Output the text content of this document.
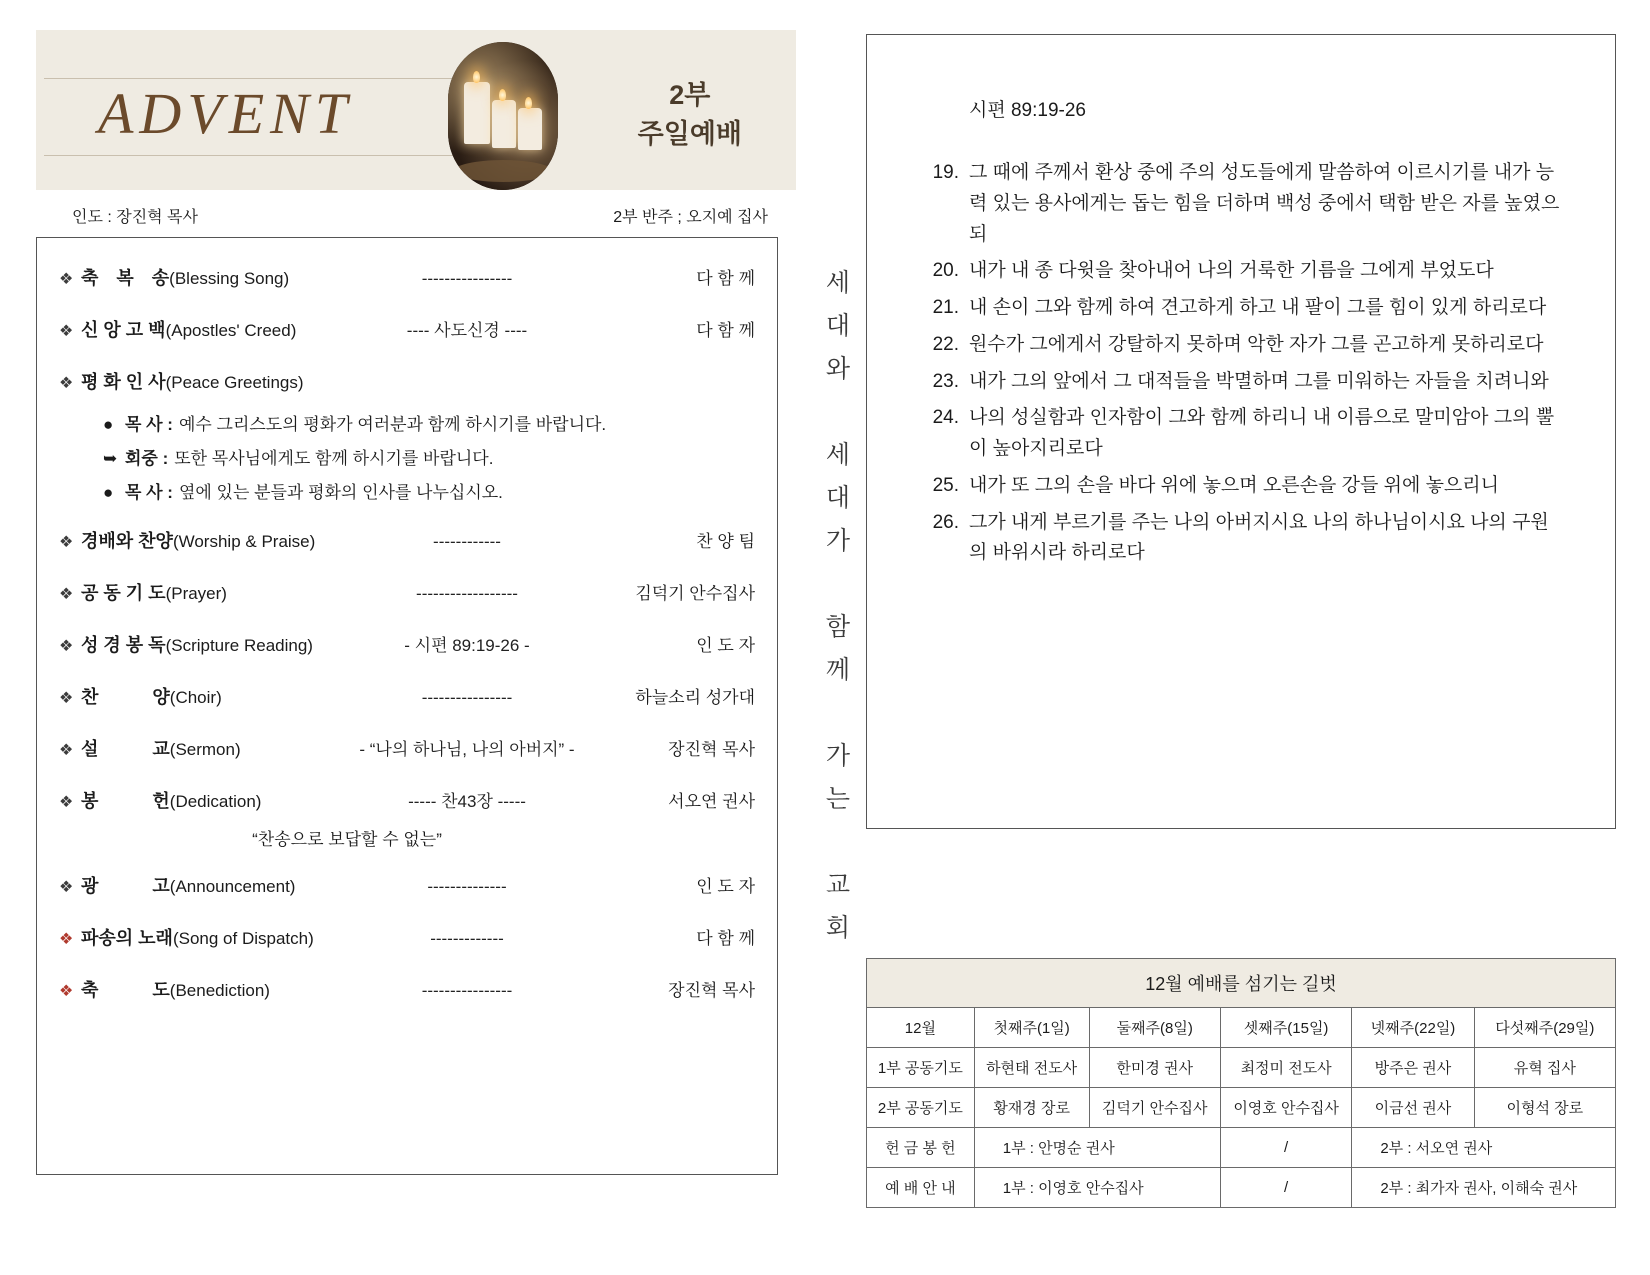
ADVENT	2부
주일예배
인도 : 장진혁 목사	2부 반주 ; 오지예 집사
❖ 축　복　송(Blessing Song)	----------------	다 함 께
❖ 신 앙 고 백(Apostles' Creed)	---- 사도신경 ----	다 함 께
❖ 평 화 인 사(Peace Greetings)
● 목 사 : 예수 그리스도의 평화가 여러분과 함께 하시기를 바랍니다.
➥ 회중 : 또한 목사님에게도 함께 하시기를 바랍니다.
● 목 사 : 옆에 있는 분들과 평화의 인사를 나누십시오.
❖ 경배와 찬양(Worship & Praise)	------------	찬 양 팀
❖ 공 동 기 도(Prayer)	------------------	김덕기 안수집사
❖ 성 경 봉 독(Scripture Reading)	- 시편 89:19-26 -	인 도 자
❖ 찬　　　양(Choir)	----------------	하늘소리 성가대
❖ 설　　　교(Sermon)	- “나의 하나님, 나의 아버지” -	장진혁 목사
❖ 봉　　　헌(Dedication)	----- 찬43장 -----	서오연 권사
“찬송으로 보답할 수 없는”
❖ 광　　　고(Announcement)	--------------	인 도 자
❖ 파송의 노래(Song of Dispatch)	-------------	다 함 께
❖ 축　　　도(Benediction)	----------------	장진혁 목사
세
대
와

세
대
가

함
께

가
는

교
회
시편 89:19-26
19. 그 때에 주께서 환상 중에 주의 성도들에게 말씀하여 이르시기를 내가 능력 있는 용사에게는 돕는 힘을 더하며 백성 중에서 택함 받은 자를 높였으되
20. 내가 내 종 다윗을 찾아내어 나의 거룩한 기름을 그에게 부었도다
21. 내 손이 그와 함께 하여 견고하게 하고 내 팔이 그를 힘이 있게 하리로다
22. 원수가 그에게서 강탈하지 못하며 악한 자가 그를 곤고하게 못하리로다
23. 내가 그의 앞에서 그 대적들을 박멸하며 그를 미워하는 자들을 치려니와
24. 나의 성실함과 인자함이 그와 함께 하리니 내 이름으로 말미암아 그의 뿔이 높아지리로다
25. 내가 또 그의 손을 바다 위에 놓으며 오른손을 강들 위에 놓으리니
26. 그가 내게 부르기를 주는 나의 아버지시요 나의 하나님이시요 나의 구원의 바위시라 하리로다
12월 예배를 섬기는 길벗					
12월	첫째주(1일)	둘째주(8일)	셋째주(15일)	넷째주(22일)	다섯째주(29일)
1부 공동기도	하현태 전도사	한미경 권사	최정미 전도사	방주은 권사	유혁 집사
2부 공동기도	황재경 장로	김덕기 안수집사	이영호 안수집사	이금선 권사	이형석 장로
헌 금 봉 헌	1부 : 안명순 권사		/	2부 : 서오연 권사	
예 배 안 내	1부 : 이영호 안수집사		/	2부 : 최가자 권사, 이해숙 권사	
